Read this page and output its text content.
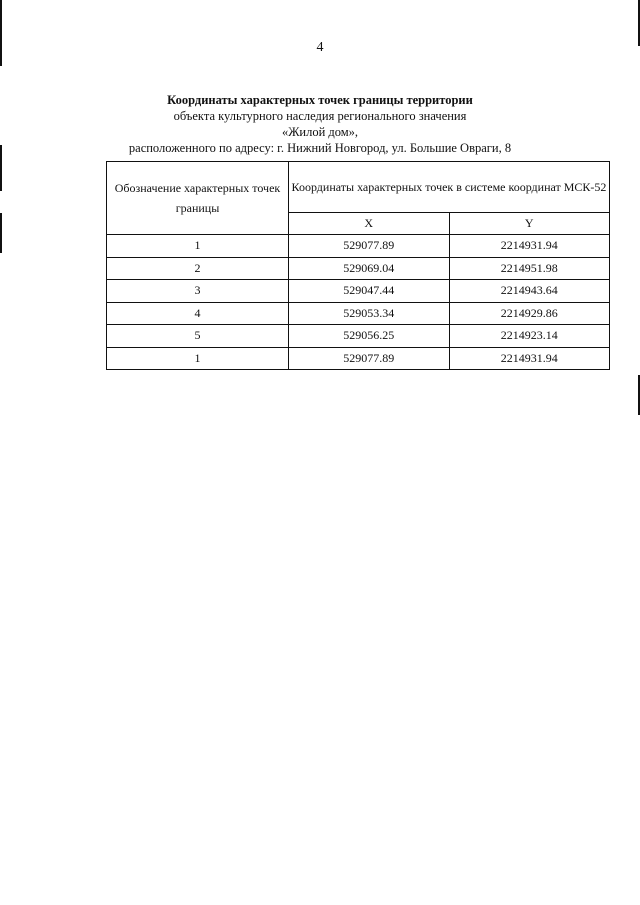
4
Координаты характерных точек границы территории
объекта культурного наследия регионального значения
«Жилой дом»,
расположенного по адресу: г. Нижний Новгород, ул. Большие Овраги, 8
Обозначение характерных точек границы	Координаты характерных точек в системе координат МСК-52	
	X	Y
1	529077.89	2214931.94
2	529069.04	2214951.98
3	529047.44	2214943.64
4	529053.34	2214929.86
5	529056.25	2214923.14
1	529077.89	2214931.94
